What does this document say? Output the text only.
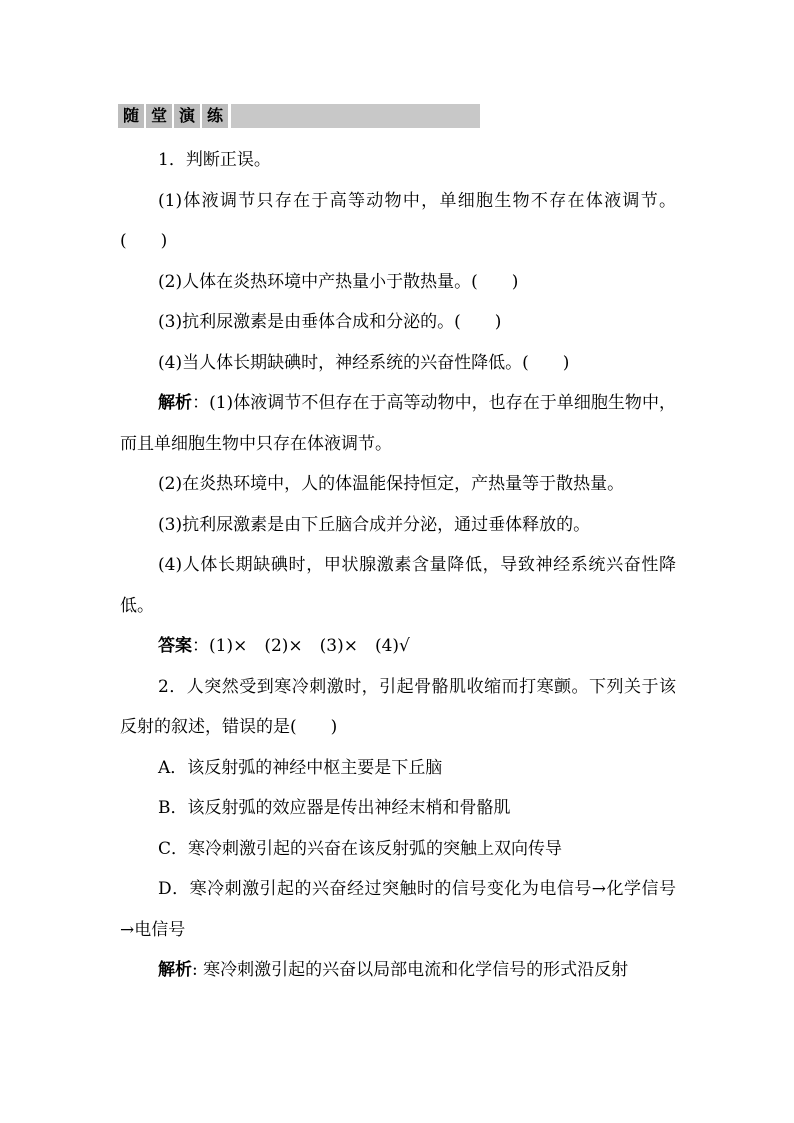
随 堂 演 练

1．判断正误。

(1)体液调节只存在于高等动物中，单细胞生物不存在体液调节。(　　)

(2)人体在炎热环境中产热量小于散热量。(　　)

(3)抗利尿激素是由垂体合成和分泌的。(　　)

(4)当人体长期缺碘时，神经系统的兴奋性降低。(　　)

解析：(1)体液调节不但存在于高等动物中，也存在于单细胞生物中，而且单细胞生物中只存在体液调节。

(2)在炎热环境中，人的体温能保持恒定，产热量等于散热量。

(3)抗利尿激素是由下丘脑合成并分泌，通过垂体释放的。

(4)人体长期缺碘时，甲状腺激素含量降低，导致神经系统兴奋性降低。

答案：(1)×　(2)×　(3)×　(4)√

2．人突然受到寒冷刺激时，引起骨骼肌收缩而打寒颤。下列关于该反射的叙述，错误的是(　　)

A．该反射弧的神经中枢主要是下丘脑

B．该反射弧的效应器是传出神经末梢和骨骼肌

C．寒冷刺激引起的兴奋在该反射弧的突触上双向传导

D．寒冷刺激引起的兴奋经过突触时的信号变化为电信号→化学信号→电信号

解析: 寒冷刺激引起的兴奋以局部电流和化学信号的形式沿反射
